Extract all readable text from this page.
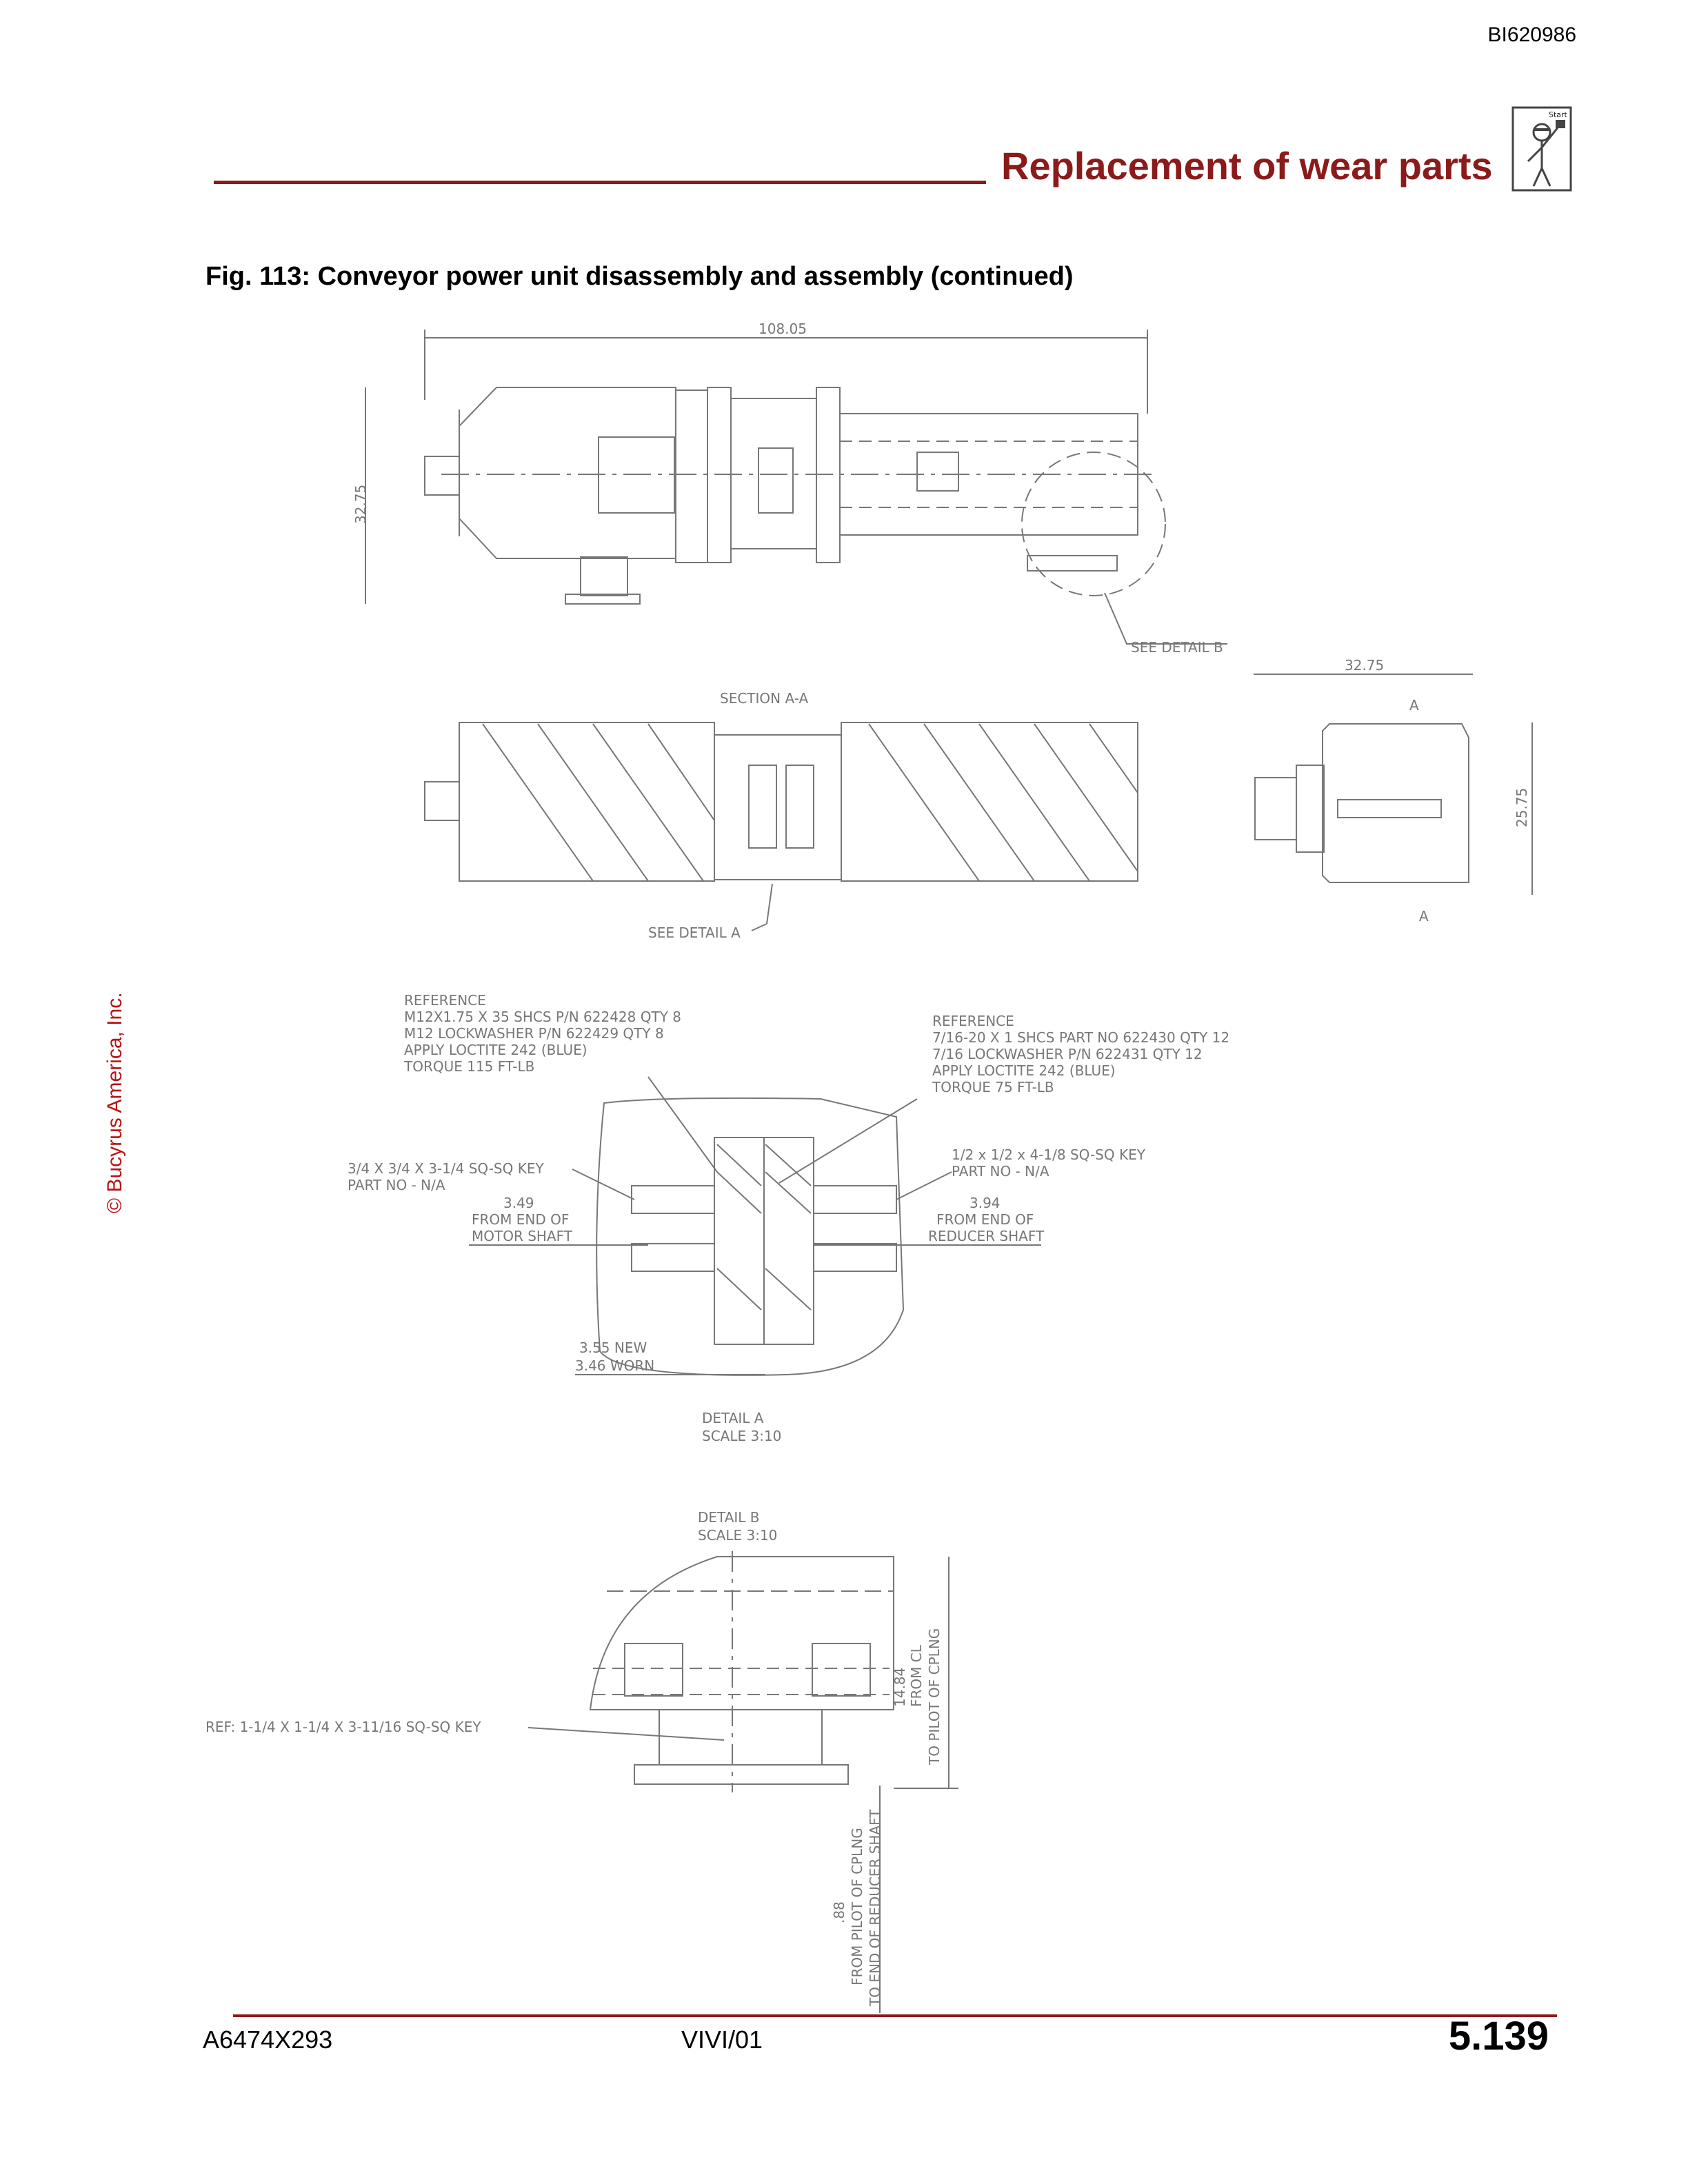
BI620986
Replacement of wear parts
Start
Fig. 113: Conveyor power unit disassembly and assembly (continued)
© Bucyrus America, Inc.
108.05
32.75
SEE DETAIL B
SECTION A-A
SEE DETAIL A
32.75
A
25.75
A
REFERENCE
M12X1.75 X 35 SHCS P/N 622428 QTY 8
M12 LOCKWASHER P/N 622429 QTY 8
APPLY LOCTITE 242 (BLUE)
TORQUE 115 FT-LB
REFERENCE
7/16-20 X 1 SHCS PART NO 622430 QTY 12
7/16 LOCKWASHER P/N 622431 QTY 12
APPLY LOCTITE 242 (BLUE)
TORQUE 75 FT-LB
3/4 X 3/4 X 3-1/4 SQ-SQ KEY
PART NO - N/A
3.49
FROM END OF
MOTOR SHAFT
1/2 x 1/2 x 4-1/8 SQ-SQ KEY
PART NO - N/A
3.94
FROM END OF
REDUCER SHAFT
3.55 NEW
3.46 WORN
DETAIL A
SCALE 3:10
DETAIL B
SCALE 3:10
REF: 1-1/4 X 1-1/4 X 3-11/16 SQ-SQ KEY
14.84 FROM CL TO PILOT OF CPLNG
.88 FROM PILOT OF CPLNG TO END OF REDUCER SHAFT
A6474X293	VIVI/01	5.139
